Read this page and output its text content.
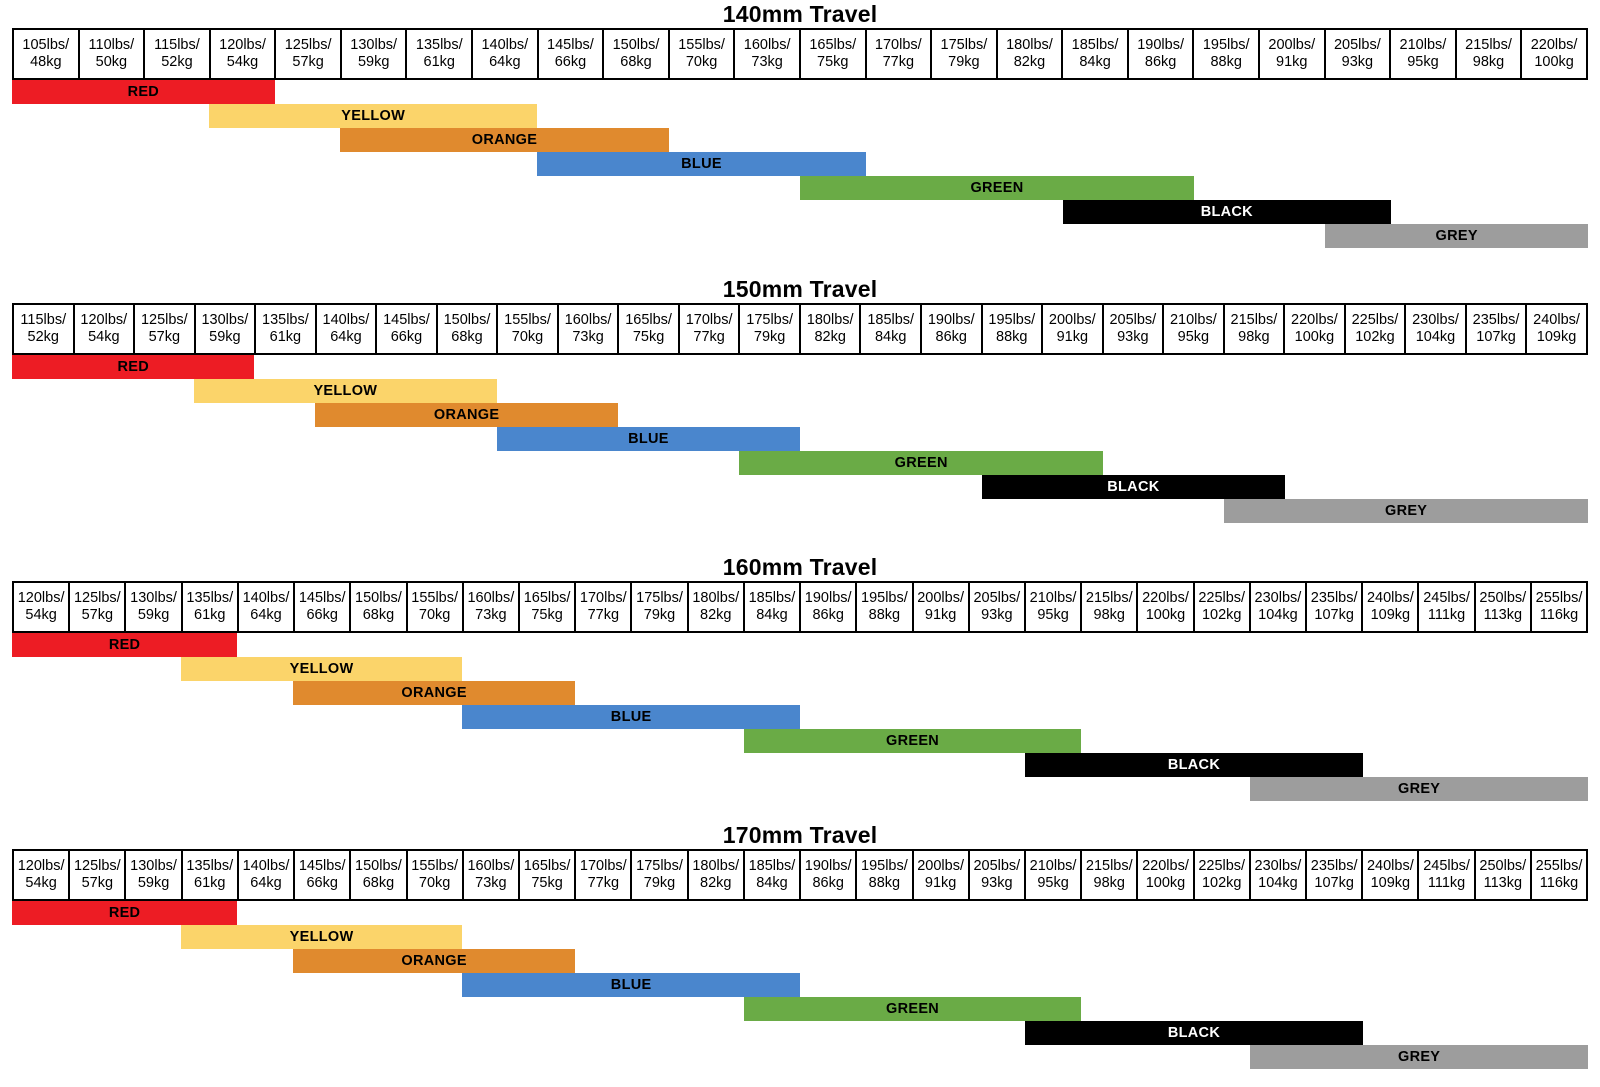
140mm Travel
105lbs/
48kg
110lbs/
50kg
115lbs/
52kg
120lbs/
54kg
125lbs/
57kg
130lbs/
59kg
135lbs/
61kg
140lbs/
64kg
145lbs/
66kg
150lbs/
68kg
155lbs/
70kg
160lbs/
73kg
165lbs/
75kg
170lbs/
77kg
175lbs/
79kg
180lbs/
82kg
185lbs/
84kg
190lbs/
86kg
195lbs/
88kg
200lbs/
91kg
205lbs/
93kg
210lbs/
95kg
215lbs/
98kg
220lbs/
100kg
RED
YELLOW
ORANGE
BLUE
GREEN
BLACK
GREY
150mm Travel
115lbs/
52kg
120lbs/
54kg
125lbs/
57kg
130lbs/
59kg
135lbs/
61kg
140lbs/
64kg
145lbs/
66kg
150lbs/
68kg
155lbs/
70kg
160lbs/
73kg
165lbs/
75kg
170lbs/
77kg
175lbs/
79kg
180lbs/
82kg
185lbs/
84kg
190lbs/
86kg
195lbs/
88kg
200lbs/
91kg
205lbs/
93kg
210lbs/
95kg
215lbs/
98kg
220lbs/
100kg
225lbs/
102kg
230lbs/
104kg
235lbs/
107kg
240lbs/
109kg
RED
YELLOW
ORANGE
BLUE
GREEN
BLACK
GREY
160mm Travel
120lbs/
54kg
125lbs/
57kg
130lbs/
59kg
135lbs/
61kg
140lbs/
64kg
145lbs/
66kg
150lbs/
68kg
155lbs/
70kg
160lbs/
73kg
165lbs/
75kg
170lbs/
77kg
175lbs/
79kg
180lbs/
82kg
185lbs/
84kg
190lbs/
86kg
195lbs/
88kg
200lbs/
91kg
205lbs/
93kg
210lbs/
95kg
215lbs/
98kg
220lbs/
100kg
225lbs/
102kg
230lbs/
104kg
235lbs/
107kg
240lbs/
109kg
245lbs/
111kg
250lbs/
113kg
255lbs/
116kg
RED
YELLOW
ORANGE
BLUE
GREEN
BLACK
GREY
170mm Travel
120lbs/
54kg
125lbs/
57kg
130lbs/
59kg
135lbs/
61kg
140lbs/
64kg
145lbs/
66kg
150lbs/
68kg
155lbs/
70kg
160lbs/
73kg
165lbs/
75kg
170lbs/
77kg
175lbs/
79kg
180lbs/
82kg
185lbs/
84kg
190lbs/
86kg
195lbs/
88kg
200lbs/
91kg
205lbs/
93kg
210lbs/
95kg
215lbs/
98kg
220lbs/
100kg
225lbs/
102kg
230lbs/
104kg
235lbs/
107kg
240lbs/
109kg
245lbs/
111kg
250lbs/
113kg
255lbs/
116kg
RED
YELLOW
ORANGE
BLUE
GREEN
BLACK
GREY
